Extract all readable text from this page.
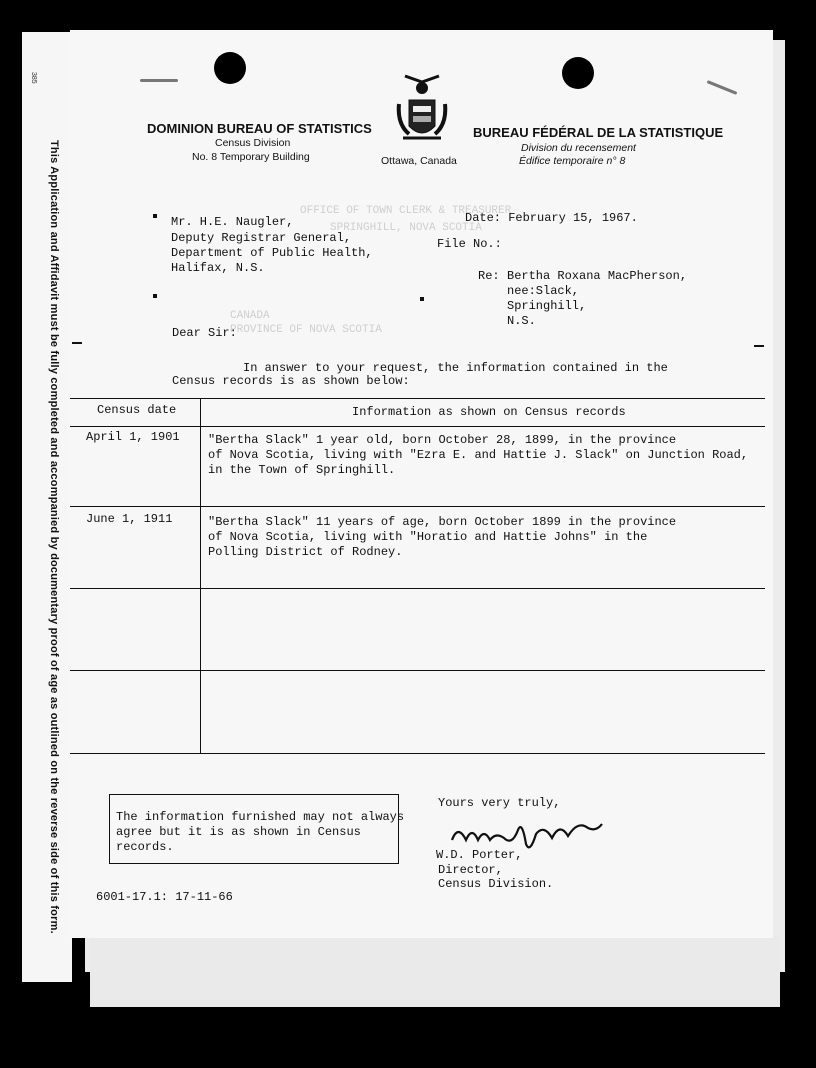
This Application and Affidavit must be fully completed and accompanied by documentary proof of age as outlined on the reverse side of this form.
385
OFFICE OF TOWN CLERK & TREASURER
SPRINGHILL, NOVA SCOTIA
CANADA
PROVINCE OF NOVA SCOTIA
DOMINION BUREAU OF STATISTICS
Census Division
No. 8 Temporary Building	Ottawa, Canada
BUREAU FÉDÉRAL DE LA STATISTIQUE
Division du recensement
Édifice temporaire n° 8
Mr. H.E. Naugler,
Deputy Registrar General,
Department of Public Health,
Halifax, N.S.
Date: February 15, 1967.
File No.:
Re: Bertha Roxana MacPherson,
nee:Slack,
Springhill,
N.S.
Dear Sir:
In answer to your request, the information contained in the
Census records is as shown below:
Census date	Information as shown on Census records
April 1, 1901 "Bertha Slack" 1 year old, born October 28, 1899, in the province
of Nova Scotia, living with "Ezra E. and Hattie J. Slack" on Junction Road,
in the Town of Springhill.
June 1, 1911	"Bertha Slack" 11 years of age, born October 1899 in the province
of Nova Scotia, living with "Horatio and Hattie Johns" in the
Polling District of Rodney.
The information furnished may not always
agree but it is as shown in Census
records.
Yours very truly,
W.D. Porter,
Director,
Census Division.
6001-17.1: 17-11-66
